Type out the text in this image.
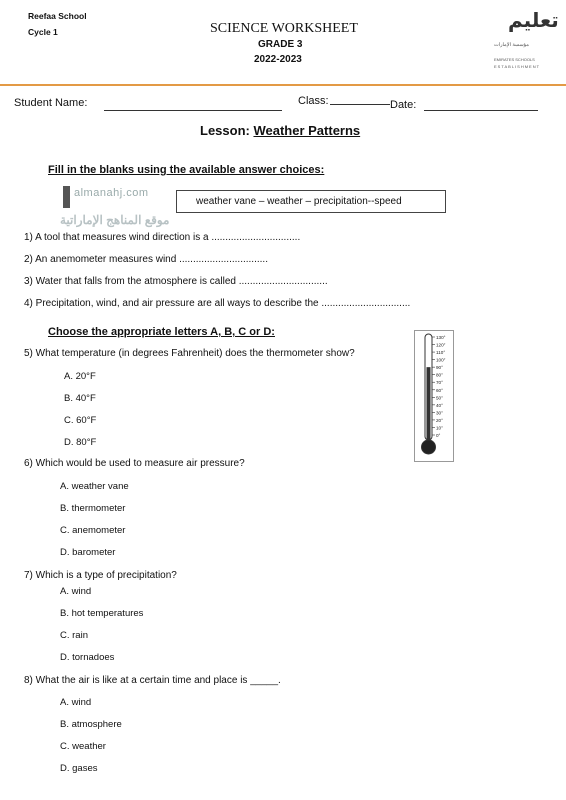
Reefaa School
Cycle 1	SCIENCE WORKSHEET
GRADE 3
2022-2023
تعليم
مؤسسة الإمارات
EMIRATES SCHOOLS
ESTABLISHMENT
Student Name:	Class:	Date:
Lesson: Weather Patterns
Fill in the blanks using the available answer choices:
almanahj.com
موقع المناهج الإماراتية
weather vane – weather – precipitation--speed
1) A tool that measures wind direction is a ................................
2) An anemometer measures wind ................................
3) Water that falls from the atmosphere is called ................................
4) Precipitation, wind, and air pressure are all ways to describe the ................................
Choose the appropriate letters A, B, C or D:
5) What temperature (in degrees Fahrenheit) does the thermometer show?
A. 20°F
B. 40°F
C. 60°F
D. 80°F
130°
120°
110°
100°
90°
80°
70°
60°
50°
40°
30°
20°
10°
0°
6) Which would be used to measure air pressure?
A. weather vane
B. thermometer
C. anemometer
D. barometer
7) Which is a type of precipitation?
A. wind
B. hot temperatures
C. rain
D. tornadoes
8) What the air is like at a certain time and place is _____.
A. wind
B. atmosphere
C. weather
D. gases
